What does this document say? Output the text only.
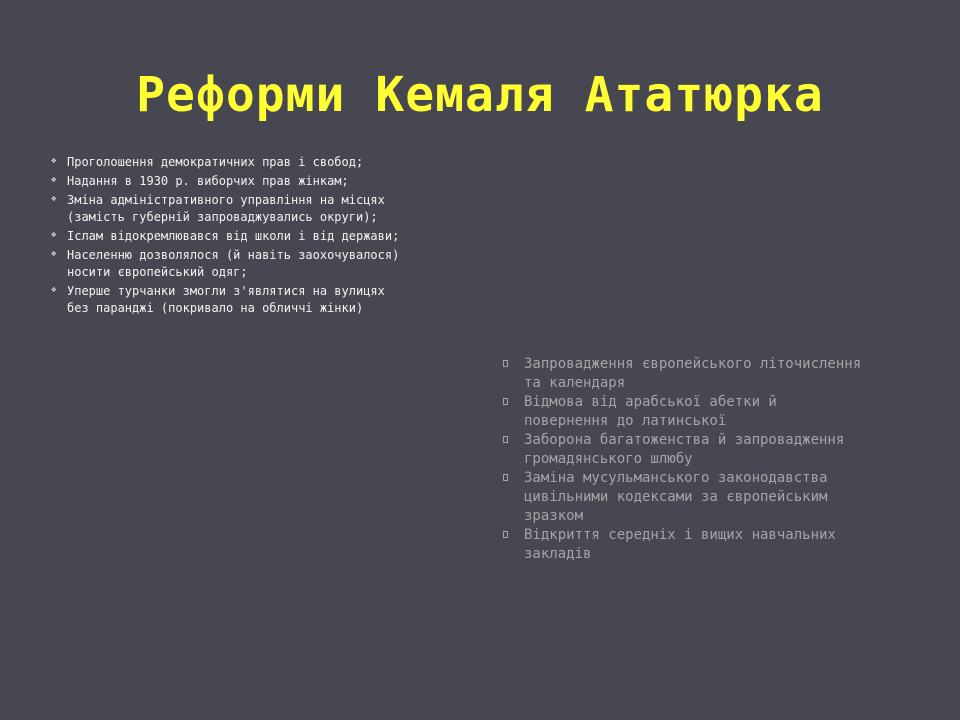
Реформи Кемаля Ататюрка
❖ Проголошення демократичних прав і свобод;
❖ Надання в 1930 р. виборчих прав жінкам;
❖ Зміна адміністративного управління на місцях
(замість губерній запроваджувались округи);
❖ Іслам відокремлювався від школи і від держави;
❖ Населенню дозволялося (й навіть заохочувалося)
носити європейський одяг;
❖ Уперше турчанки змогли з'являтися на вулицях
без паранджі (покривало на обличчі жінки)
Запровадження європейського літочислення
та календаря
Відмова від арабської абетки й
повернення до латинської
Заборона багатоженства й запровадження
громадянського шлюбу
Заміна мусульманського законодавства
цивільними кодексами за європейським
зразком
Відкриття середніх і вищих навчальних
закладів
